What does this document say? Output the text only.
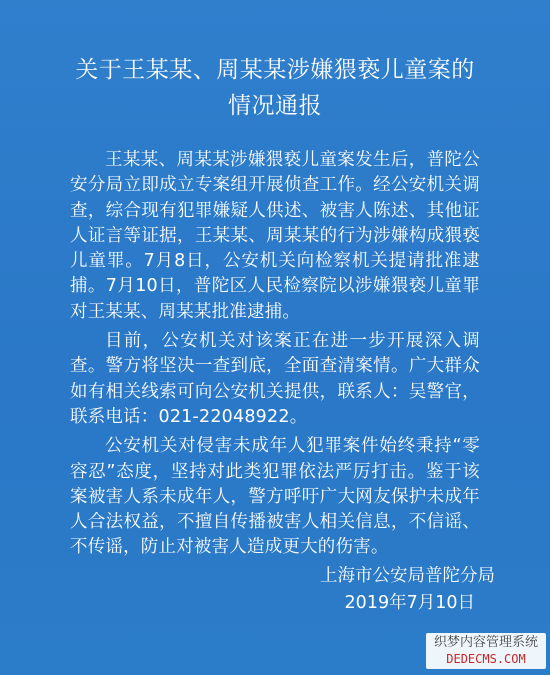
关于王某某、周某某涉嫌猥亵儿童案的
情况通报

王某某、周某某涉嫌猥亵儿童案发生后，普陀公安分局立即成立专案组开展侦查工作。经公安机关调查，综合现有犯罪嫌疑人供述、被害人陈述、其他证人证言等证据，王某某、周某某的行为涉嫌构成猥亵儿童罪。7月8日，公安机关向检察机关提请批准逮捕。7月10日，普陀区人民检察院以涉嫌猥亵儿童罪对王某某、周某某批准逮捕。

目前，公安机关对该案正在进一步开展深入调查。警方将坚决一查到底，全面查清案情。广大群众如有相关线索可向公安机关提供，联系人：吴警官，联系电话：021-22048922。

公安机关对侵害未成年人犯罪案件始终秉持“零容忍”态度，坚持对此类犯罪依法严厉打击。鉴于该案被害人系未成年人，警方呼吁广大网友保护未成年人合法权益，不擅自传播被害人相关信息，不信谣、不传谣，防止对被害人造成更大的伤害。

上海市公安局普陀分局
2019年7月10日
织梦内容管理系统
DEDECMS.COM
